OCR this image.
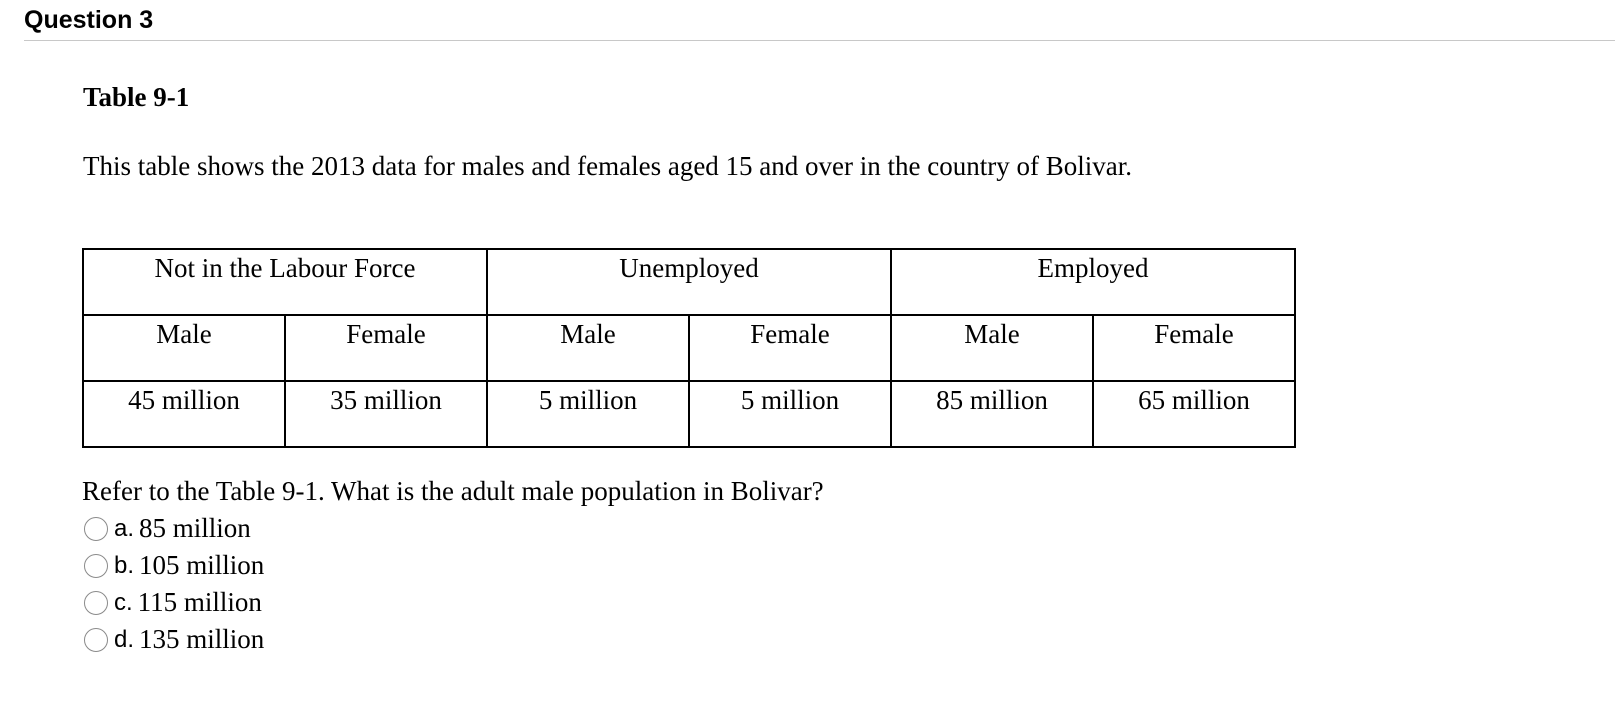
Question 3
Table 9-1
This table shows the 2013 data for males and females aged 15 and over in the country of Bolivar.
Not in the Labour Force		Unemployed		Employed	
Male	Female	Male	Female	Male	Female
45 million	35 million	5 million	5 million	85 million	65 million
Refer to the Table 9-1. What is the adult male population in Bolivar?
a. 85 million
b. 105 million
c. 115 million
d. 135 million
